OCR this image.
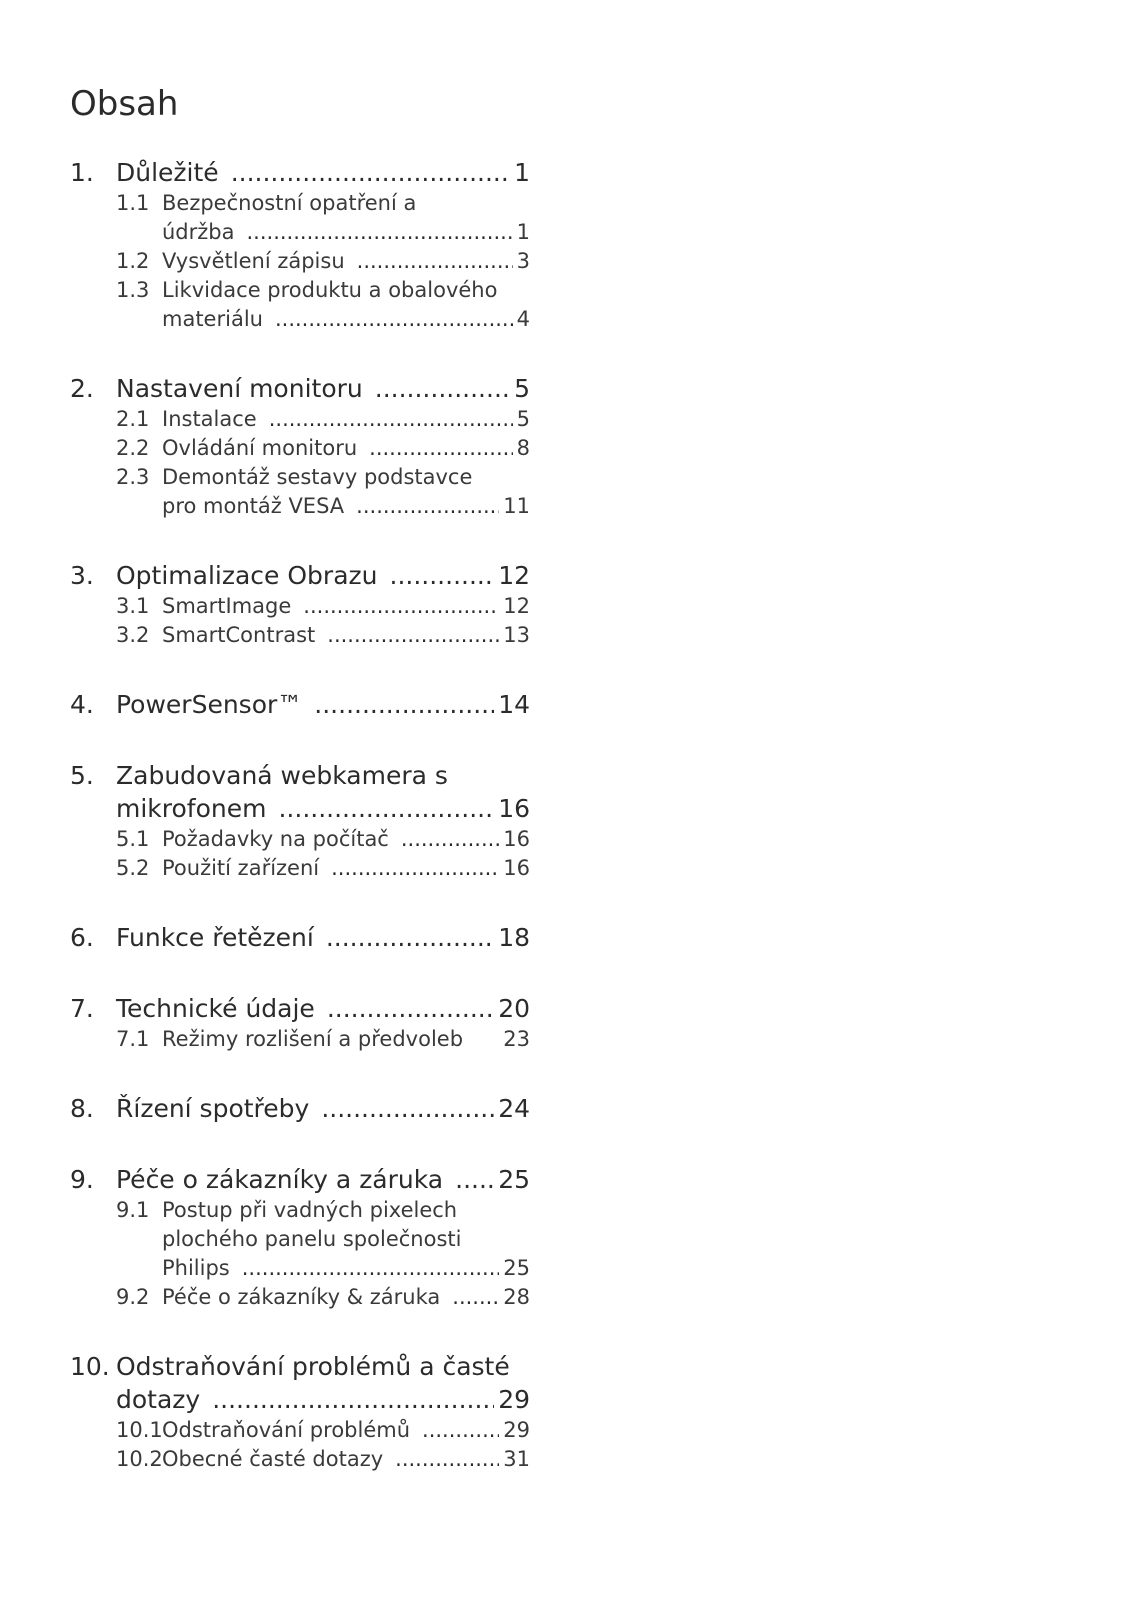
Obsah
1. Důležité .....	1
1.1 Bezpečnostní opatření a
údržba .....	1
1.2 Vysvětlení zápisu .....	3
1.3 Likvidace produktu a obalového
materiálu .....	4
2. Nastavení monitoru .....	5
2.1 Instalace .....	5
2.2 Ovládání monitoru .....	8
2.3 Demontáž sestavy podstavce
pro montáž VESA .....	11
3. Optimalizace Obrazu .....	12
3.1 SmartImage .....	12
3.2 SmartContrast .....	13
4. PowerSensor™ .....	14
5. Zabudovaná webkamera s
mikrofonem .....	16
5.1 Požadavky na počítač .....	16
5.2 Použití zařízení .....	16
6. Funkce řetězení .....	18
7. Technické údaje .....	20
7.1 Režimy rozlišení a předvoleb 23
8. Řízení spotřeby .....	24
9. Péče o zákazníky a záruka ..... 25
9.1 Postup při vadných pixelech
plochého panelu společnosti
Philips .....	25
9.2 Péče o zákazníky & záruka .....	28
10. Odstraňování problémů a časté
dotazy .....	29
10.1 Odstraňování problémů .....	29
10.2 Obecné časté dotazy .....	31
